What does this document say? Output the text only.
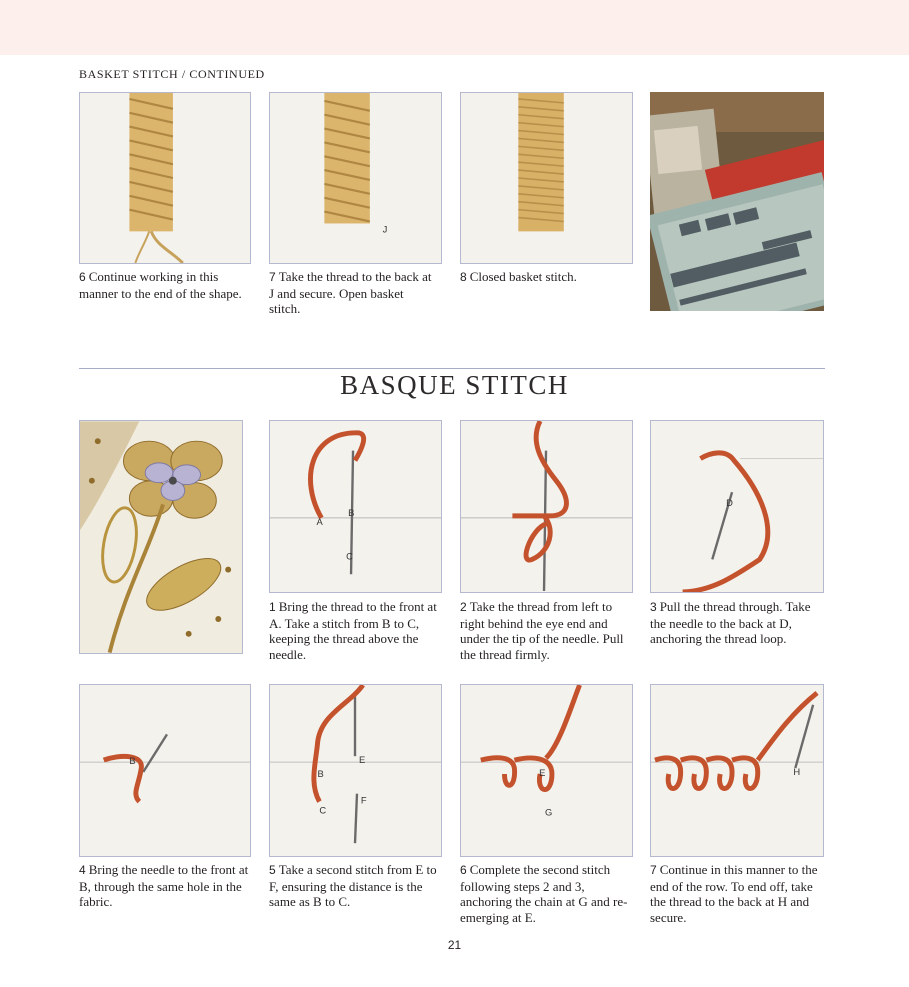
BASKET STITCH / CONTINUED
6 Continue working in this manner to the end of the shape.
J
7 Take the thread to the back at J and secure. Open basket stitch.
8 Closed basket stitch.
BASQUE STITCH
A
B
C
D
1 Bring the thread to the front at A. Take a stitch from B to C, keeping the thread above the needle.
2 Take the thread from left to right behind the eye end and under the tip of the needle. Pull the thread firmly.
3 Pull the thread through. Take the needle to the back at D, anchoring the thread loop.
B	E
B
F
C
E
G
H
4 Bring the needle to the front at B, through the same hole in the fabric.
5 Take a second stitch from E to F, ensuring the distance is the same as B to C.
6 Complete the second stitch following steps 2 and 3, anchoring the chain at G and re-emerging at E.
7 Continue in this manner to the end of the row. To end off, take the thread to the back at H and secure.
21
